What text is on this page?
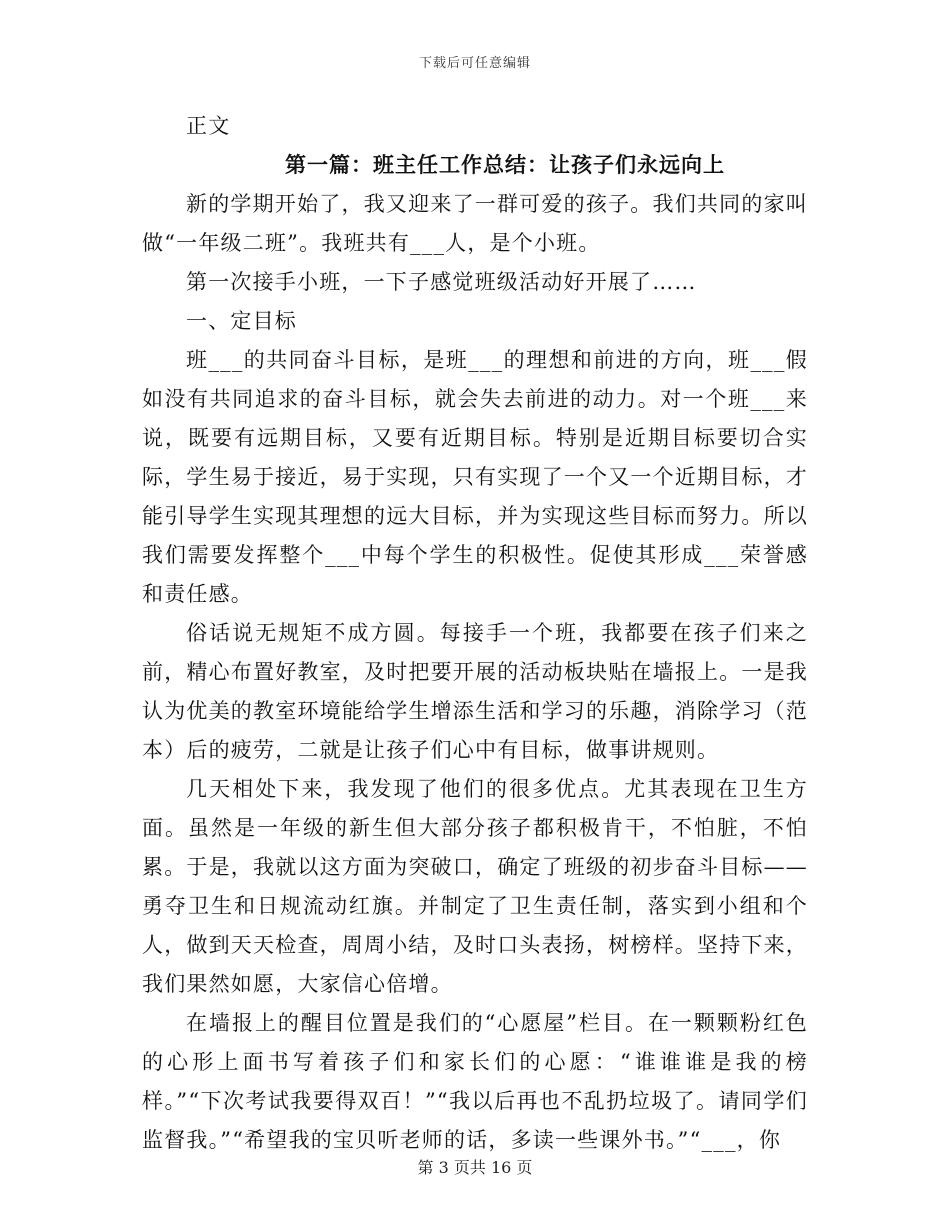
下载后可任意编辑

正文

第一篇：班主任工作总结：让孩子们永远向上

新的学期开始了，我又迎来了一群可爱的孩子。我们共同的家叫做“一年级二班”。我班共有___人，是个小班。

第一次接手小班，一下子感觉班级活动好开展了……

一、定目标

班___的共同奋斗目标，是班___的理想和前进的方向，班___假如没有共同追求的奋斗目标，就会失去前进的动力。对一个班___来说，既要有远期目标，又要有近期目标。特别是近期目标要切合实际，学生易于接近，易于实现，只有实现了一个又一个近期目标，才能引导学生实现其理想的远大目标，并为实现这些目标而努力。所以我们需要发挥整个___中每个学生的积极性。促使其形成___荣誉感和责任感。

俗话说无规矩不成方圆。每接手一个班，我都要在孩子们来之前，精心布置好教室，及时把要开展的活动板块贴在墙报上。一是我认为优美的教室环境能给学生增添生活和学习的乐趣，消除学习（范本）后的疲劳，二就是让孩子们心中有目标，做事讲规则。

几天相处下来，我发现了他们的很多优点。尤其表现在卫生方面。虽然是一年级的新生但大部分孩子都积极肯干，不怕脏，不怕累。于是，我就以这方面为突破口，确定了班级的初步奋斗目标——勇夺卫生和日规流动红旗。并制定了卫生责任制，落实到小组和个人，做到天天检查，周周小结，及时口头表扬，树榜样。坚持下来，我们果然如愿，大家信心倍增。

在墙报上的醒目位置是我们的“心愿屋”栏目。在一颗颗粉红色的心形上面书写着孩子们和家长们的心愿：“谁谁谁是我的榜样。”“下次考试我要得双百！”“我以后再也不乱扔垃圾了。请同学们监督我。”“希望我的宝贝听老师的话，多读一些课外书。”“___，你

第 3 页共 16 页
